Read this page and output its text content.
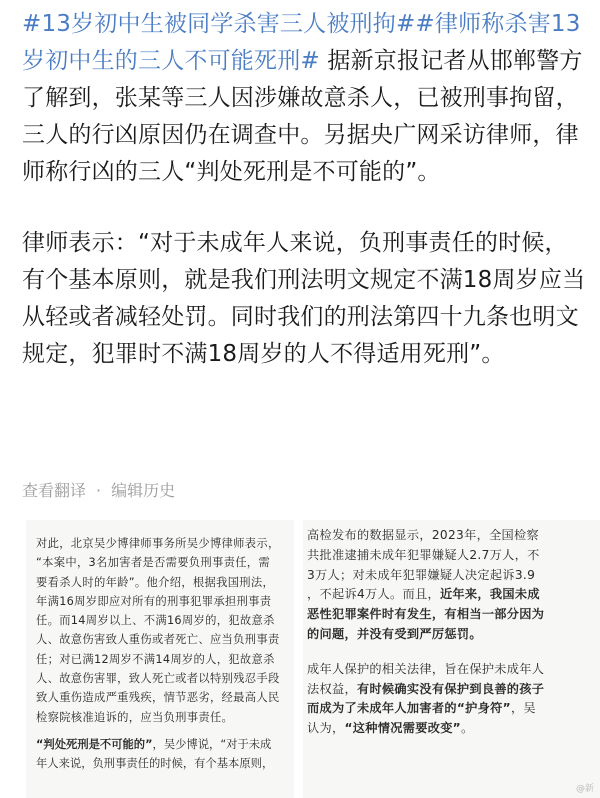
#13岁初中生被同学杀害三人被刑拘##律师称杀害13岁初中生的三人不可能死刑# 据新京报记者从邯郸警方了解到，张某等三人因涉嫌故意杀人，已被刑事拘留，三人的行凶原因仍在调查中。另据央广网采访律师，律师称行凶的三人“判处死刑是不可能的”。

律师表示：“对于未成年人来说，负刑事责任的时候，有个基本原则，就是我们刑法明文规定不满18周岁应当从轻或者减轻处罚。同时我们的刑法第四十九条也明文规定，犯罪时不满18周岁的人不得适用死刑”。

查看翻译 · 编辑历史
对此，北京吴少博律师事务所吴少博律师表示，
“本案中，3名加害者是否需要负刑事责任，需
要看杀人时的年龄”。他介绍，根据我国刑法，
年满16周岁即应对所有的刑事犯罪承担刑事责
任。而14周岁以上、不满16周岁的，犯故意杀
人、故意伤害致人重伤或者死亡、应当负刑事责
任；对已满12周岁不满14周岁的人，犯故意杀
人、故意伤害罪，致人死亡或者以特别残忍手段
致人重伤造成严重残疾，情节恶劣，经最高人民
检察院核准追诉的，应当负刑事责任。
“判处死刑是不可能的”，吴少博说，“对于未成
年人来说，负刑事责任的时候，有个基本原则，
高检发布的数据显示，2023年，全国检察
共批准逮捕未成年犯罪嫌疑人2.7万人，不
3万人；对未成年犯罪嫌疑人决定起诉3.9
，不起诉4万人。而且，近年来，我国未成
恶性犯罪案件时有发生，有相当一部分因为
的问题，并没有受到严厉惩罚。
成年人保护的相关法律，旨在保护未成年人
法权益，有时候确实没有保护到良善的孩子
而成为了未成年人加害者的“护身符”，吴
认为，“这种情况需要改变”。
@新
